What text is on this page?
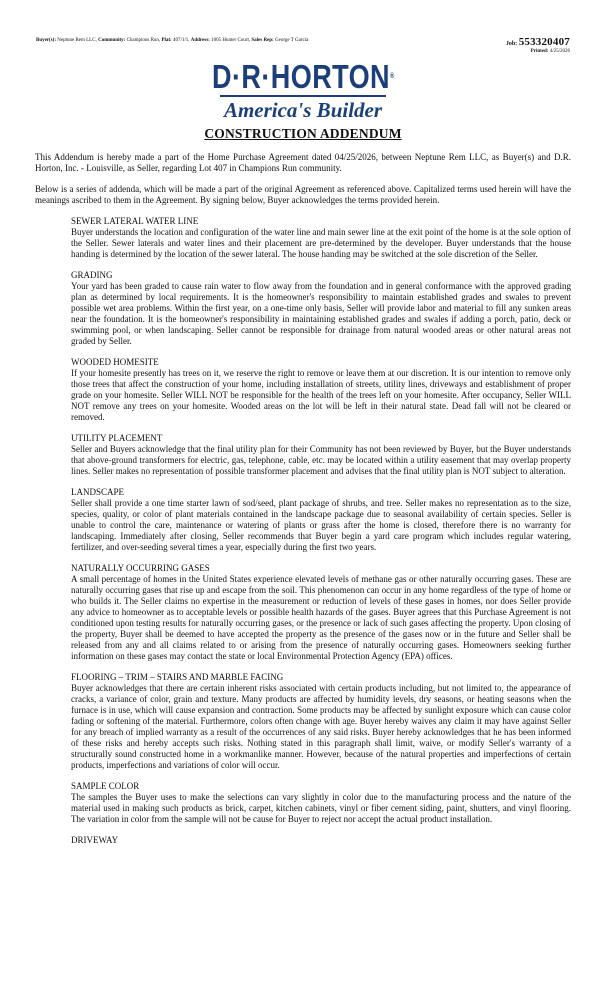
Buyer(s): Neptune Rem LLC, Community: Champions Run, Plat: 407/1/1, Address: 1005 Hunter Court, Sales Rep: George T Garcia
Job: 553320407
Printed: 4/25/2026
D·R·HORTON®
America's Builder
CONSTRUCTION ADDENDUM

This Addendum is hereby made a part of the Home Purchase Agreement dated 04/25/2026, between Neptune Rem LLC, as Buyer(s) and D.R. Horton, Inc. - Louisville, as Seller, regarding Lot 407 in Champions Run community.

Below is a series of addenda, which will be made a part of the original Agreement as referenced above. Capitalized terms used herein will have the meanings ascribed to them in the Agreement. By signing below, Buyer acknowledges the terms provided herein.

SEWER LATERAL WATER LINE

Buyer understands the location and configuration of the water line and main sewer line at the exit point of the home is at the sole option of the Seller. Sewer laterals and water lines and their placement are pre-determined by the developer. Buyer understands that the house handing is determined by the location of the sewer lateral. The house handing may be switched at the sole discretion of the Seller.

GRADING

Your yard has been graded to cause rain water to flow away from the foundation and in general conformance with the approved grading plan as determined by local requirements. It is the homeowner's responsibility to maintain established grades and swales to prevent possible wet area problems. Within the first year, on a one-time only basis, Seller will provide labor and material to fill any sunken areas near the foundation. It is the homeowner's responsibility in maintaining established grades and swales if adding a porch, patio, deck or swimming pool, or when landscaping. Seller cannot be responsible for drainage from natural wooded areas or other natural areas not graded by Seller.

WOODED HOMESITE

If your homesite presently has trees on it, we reserve the right to remove or leave them at our discretion. It is our intention to remove only those trees that affect the construction of your home, including installation of streets, utility lines, driveways and establishment of proper grade on your homesite. Seller WILL NOT be responsible for the health of the trees left on your homesite. After occupancy, Seller WILL NOT remove any trees on your homesite. Wooded areas on the lot will be left in their natural state. Dead fall will not be cleared or removed.

UTILITY PLACEMENT

Seller and Buyers acknowledge that the final utility plan for their Community has not been reviewed by Buyer, but the Buyer understands that above-ground transformers for electric, gas, telephone, cable, etc. may be located within a utility easement that may overlap property lines. Seller makes no representation of possible transformer placement and advises that the final utility plan is NOT subject to alteration.

LANDSCAPE

Seller shall provide a one time starter lawn of sod/seed, plant package of shrubs, and tree. Seller makes no representation as to the size, species, quality, or color of plant materials contained in the landscape package due to seasonal availability of certain species. Seller is unable to control the care, maintenance or watering of plants or grass after the home is closed, therefore there is no warranty for landscaping. Immediately after closing, Seller recommends that Buyer begin a yard care program which includes regular watering, fertilizer, and over-seeding several times a year, especially during the first two years.

NATURALLY OCCURRING GASES

A small percentage of homes in the United States experience elevated levels of methane gas or other naturally occurring gases. These are naturally occurring gases that rise up and escape from the soil. This phenomenon can occur in any home regardless of the type of home or who builds it. The Seller claims no expertise in the measurement or reduction of levels of these gases in homes, nor does Seller provide any advice to homeowner as to acceptable levels or possible health hazards of the gases. Buyer agrees that this Purchase Agreement is not conditioned upon testing results for naturally occurring gases, or the presence or lack of such gases affecting the property. Upon closing of the property, Buyer shall be deemed to have accepted the property as the presence of the gases now or in the future and Seller shall be released from any and all claims related to or arising from the presence of naturally occurring gases. Homeowners seeking further information on these gases may contact the state or local Environmental Protection Agency (EPA) offices.

FLOORING – TRIM – STAIRS AND MARBLE FACING

Buyer acknowledges that there are certain inherent risks associated with certain products including, but not limited to, the appearance of cracks, a variance of color, grain and texture. Many products are affected by humidity levels, dry seasons, or heating seasons when the furnace is in use, which will cause expansion and contraction. Some products may be affected by sunlight exposure which can cause color fading or softening of the material. Furthermore, colors often change with age. Buyer hereby waives any claim it may have against Seller for any breach of implied warranty as a result of the occurrences of any said risks. Buyer hereby acknowledges that he has been informed of these risks and hereby accepts such risks. Nothing stated in this paragraph shall limit, waive, or modify Seller's warranty of a structurally sound constructed home in a workmanlike manner. However, because of the natural properties and imperfections of certain products, imperfections and variations of color will occur.

SAMPLE COLOR

The samples the Buyer uses to make the selections can vary slightly in color due to the manufacturing process and the nature of the material used in making such products as brick, carpet, kitchen cabinets, vinyl or fiber cement siding, paint, shutters, and vinyl flooring. The variation in color from the sample will not be cause for Buyer to reject nor accept the actual product installation.

DRIVEWAY
